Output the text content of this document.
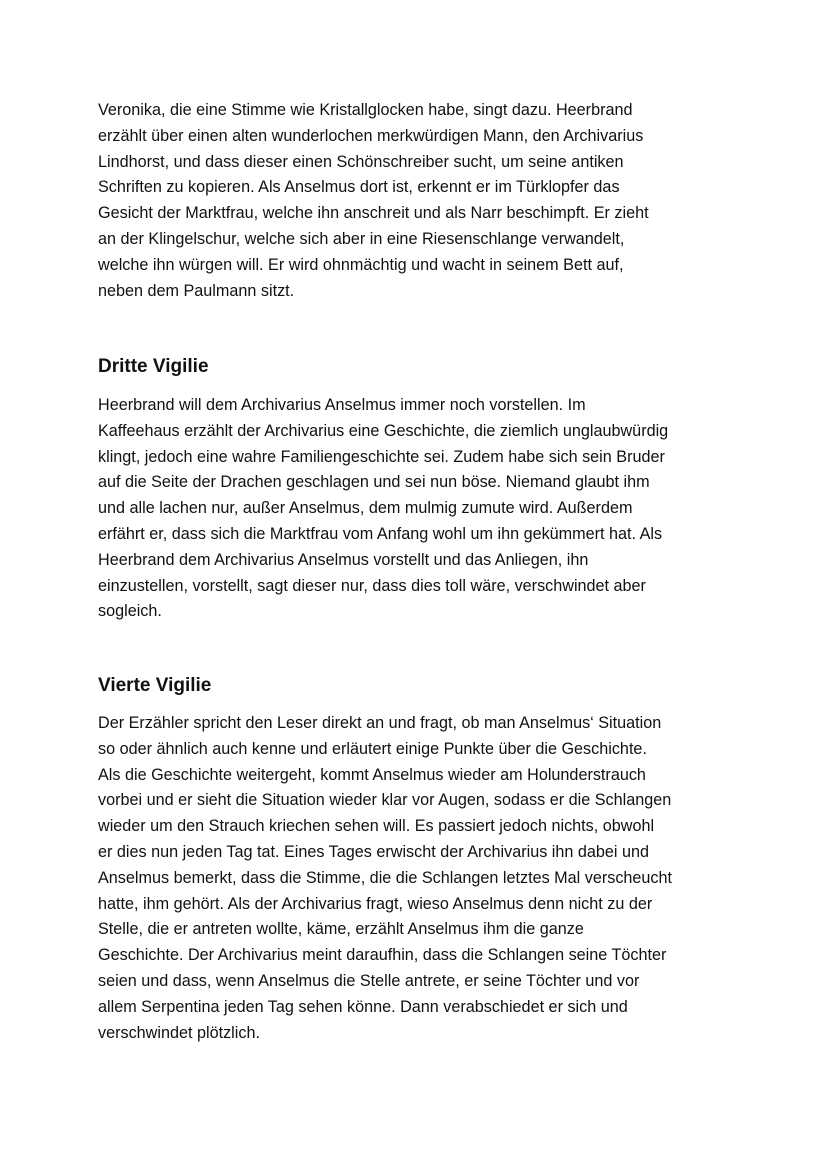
Veronika, die eine Stimme wie Kristallglocken habe, singt dazu. Heerbrand
erzählt über einen alten wunderlochen merkwürdigen Mann, den Archivarius
Lindhorst, und dass dieser einen Schönschreiber sucht, um seine antiken
Schriften zu kopieren. Als Anselmus dort ist, erkennt er im Türklopfer das
Gesicht der Marktfrau, welche ihn anschreit und als Narr beschimpft. Er zieht
an der Klingelschur, welche sich aber in eine Riesenschlange verwandelt,
welche ihn würgen will. Er wird ohnmächtig und wacht in seinem Bett auf,
neben dem Paulmann sitzt.
Dritte Vigilie
Heerbrand will dem Archivarius Anselmus immer noch vorstellen. Im
Kaffeehaus erzählt der Archivarius eine Geschichte, die ziemlich unglaubwürdig
klingt, jedoch eine wahre Familiengeschichte sei. Zudem habe sich sein Bruder
auf die Seite der Drachen geschlagen und sei nun böse. Niemand glaubt ihm
und alle lachen nur, außer Anselmus, dem mulmig zumute wird. Außerdem
erfährt er, dass sich die Marktfrau vom Anfang wohl um ihn gekümmert hat. Als
Heerbrand dem Archivarius Anselmus vorstellt und das Anliegen, ihn
einzustellen, vorstellt, sagt dieser nur, dass dies toll wäre, verschwindet aber
sogleich.
Vierte Vigilie
Der Erzähler spricht den Leser direkt an und fragt, ob man Anselmus‘ Situation
so oder ähnlich auch kenne und erläutert einige Punkte über die Geschichte.
Als die Geschichte weitergeht, kommt Anselmus wieder am Holunderstrauch
vorbei und er sieht die Situation wieder klar vor Augen, sodass er die Schlangen
wieder um den Strauch kriechen sehen will. Es passiert jedoch nichts, obwohl
er dies nun jeden Tag tat. Eines Tages erwischt der Archivarius ihn dabei und
Anselmus bemerkt, dass die Stimme, die die Schlangen letztes Mal verscheucht
hatte, ihm gehört. Als der Archivarius fragt, wieso Anselmus denn nicht zu der
Stelle, die er antreten wollte, käme, erzählt Anselmus ihm die ganze
Geschichte. Der Archivarius meint daraufhin, dass die Schlangen seine Töchter
seien und dass, wenn Anselmus die Stelle antrete, er seine Töchter und vor
allem Serpentina jeden Tag sehen könne. Dann verabschiedet er sich und
verschwindet plötzlich.
